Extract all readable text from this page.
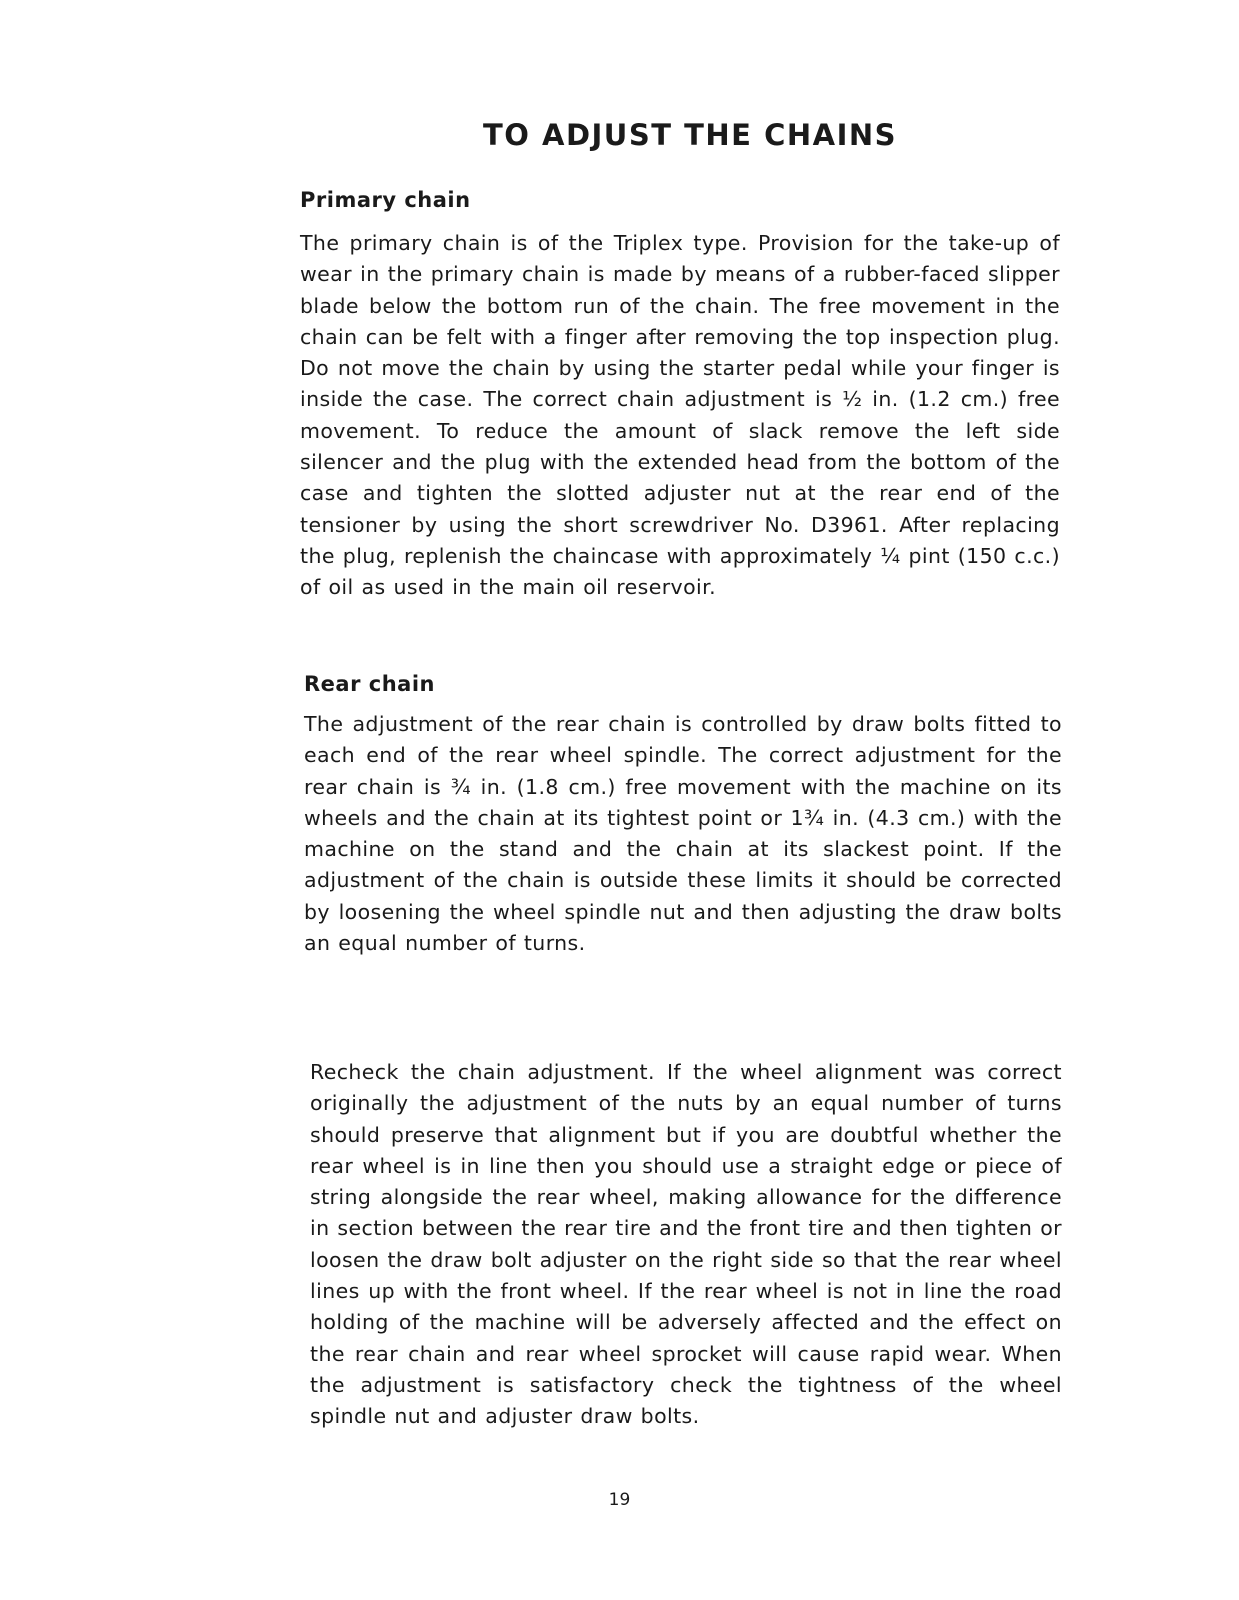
TO ADJUST THE CHAINS
Primary chain

The primary chain is of the Triplex type. Provision for the take-up of wear in the primary chain is made by means of a rubber-faced slipper blade below the bottom run of the chain. The free movement in the chain can be felt with a finger after removing the top inspection plug. Do not move the chain by using the starter pedal while your finger is inside the case. The correct chain adjustment is ½ in. (1.2 cm.) free movement. To reduce the amount of slack remove the left side silencer and the plug with the extended head from the bottom of the case and tighten the slotted adjuster nut at the rear end of the tensioner by using the short screwdriver No. D3961. After replacing the plug, replenish the chaincase with approximately ¼ pint (150 c.c.) of oil as used in the main oil reservoir.

Rear chain

The adjustment of the rear chain is controlled by draw bolts fitted to each end of the rear wheel spindle. The correct adjustment for the rear chain is ¾ in. (1.8 cm.) free movement with the machine on its wheels and the chain at its tightest point or 1¾ in. (4.3 cm.) with the machine on the stand and the chain at its slackest point. If the adjustment of the chain is outside these limits it should be corrected by loosening the wheel spindle nut and then adjusting the draw bolts an equal number of turns.

Recheck the chain adjustment. If the wheel alignment was correct originally the adjustment of the nuts by an equal number of turns should preserve that alignment but if you are doubtful whether the rear wheel is in line then you should use a straight edge or piece of string alongside the rear wheel, making allowance for the difference in section between the rear tire and the front tire and then tighten or loosen the draw bolt adjuster on the right side so that the rear wheel lines up with the front wheel. If the rear wheel is not in line the road holding of the machine will be adversely affected and the effect on the rear chain and rear wheel sprocket will cause rapid wear. When the adjustment is satisfactory check the tightness of the wheel spindle nut and adjuster draw bolts.

19
